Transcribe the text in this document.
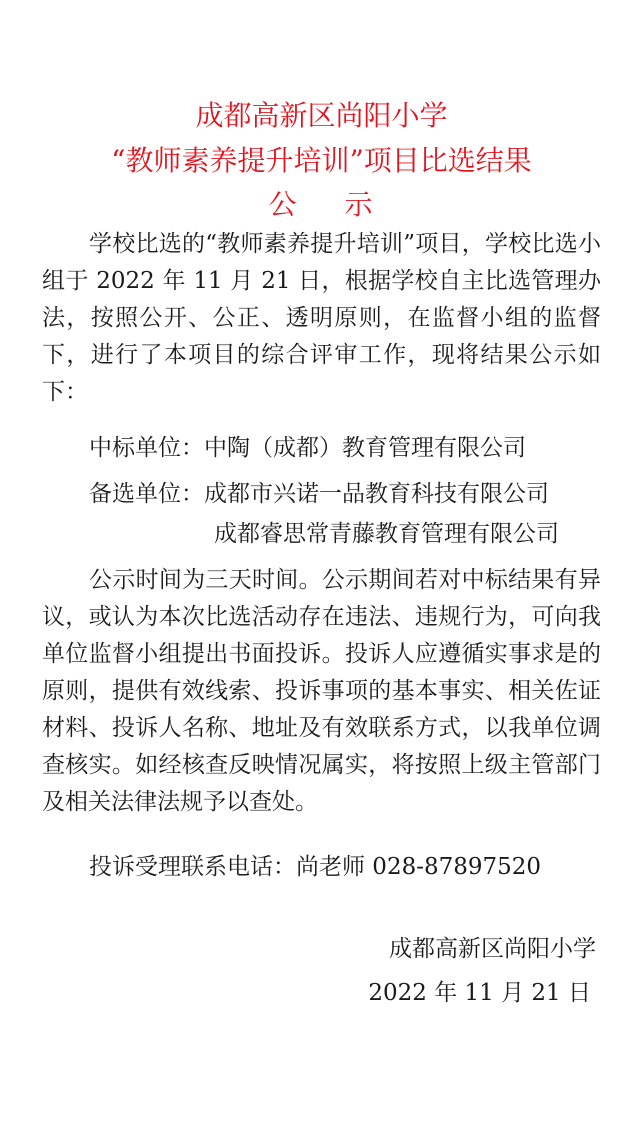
成都高新区尚阳小学
“教师素养提升培训”项目比选结果
公 示
学校比选的“教师素养提升培训”项目，学校比选小组于 2022 年 11 月 21 日，根据学校自主比选管理办法，按照公开、公正、透明原则，在监督小组的监督下，进行了本项目的综合评审工作，现将结果公示如下：
中标单位：中陶（成都）教育管理有限公司
备选单位：成都市兴诺一品教育科技有限公司
成都睿思常青藤教育管理有限公司
公示时间为三天时间。公示期间若对中标结果有异议，或认为本次比选活动存在违法、违规行为，可向我单位监督小组提出书面投诉。投诉人应遵循实事求是的原则，提供有效线索、投诉事项的基本事实、相关佐证材料、投诉人名称、地址及有效联系方式，以我单位调查核实。如经核查反映情况属实，将按照上级主管部门及相关法律法规予以查处。
投诉受理联系电话：尚老师 028-87897520
成都高新区尚阳小学
2022 年 11 月 21 日
